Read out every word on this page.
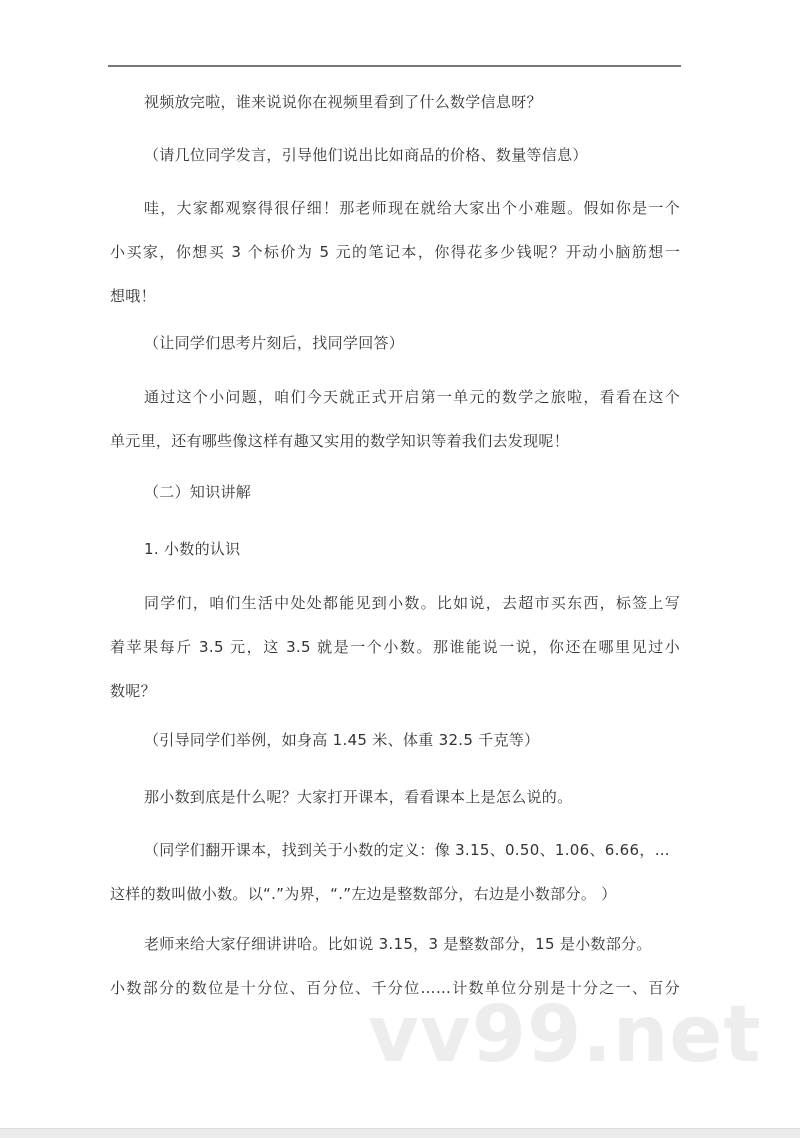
视频放完啦，谁来说说你在视频里看到了什么数学信息呀？
（请几位同学发言，引导他们说出比如商品的价格、数量等信息）
哇，大家都观察得很仔细！那老师现在就给大家出个小难题。假如你是一个
小买家，你想买 3 个标价为 5 元的笔记本，你得花多少钱呢？开动小脑筋想一
想哦！
（让同学们思考片刻后，找同学回答）
通过这个小问题，咱们今天就正式开启第一单元的数学之旅啦，看看在这个
单元里，还有哪些像这样有趣又实用的数学知识等着我们去发现呢！
（二）知识讲解
1. 小数的认识
同学们，咱们生活中处处都能见到小数。比如说，去超市买东西，标签上写
着苹果每斤 3.5 元，这 3.5 就是一个小数。那谁能说一说，你还在哪里见过小
数呢？
（引导同学们举例，如身高 1.45 米、体重 32.5 千克等）
那小数到底是什么呢？大家打开课本，看看课本上是怎么说的。
（同学们翻开课本，找到关于小数的定义：像 3.15、0.50、1.06、6.66，…
这样的数叫做小数。以“.”为界，“.”左边是整数部分，右边是小数部分。 ）
老师来给大家仔细讲讲哈。比如说 3.15，3 是整数部分，15 是小数部分。
小数部分的数位是十分位、百分位、千分位……计数单位分别是十分之一、百分
vv99.net
